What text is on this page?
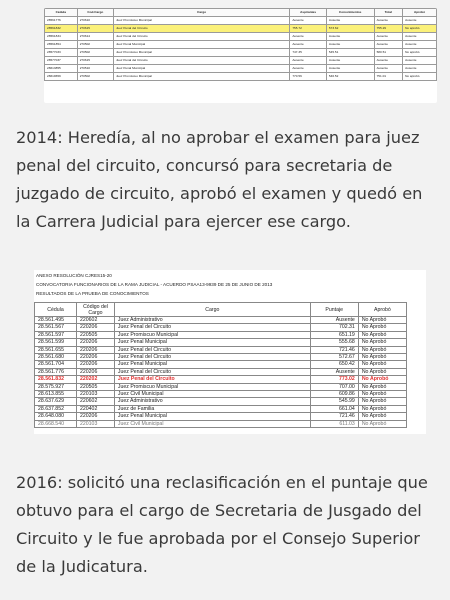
Cédula	Cod.Cargo	Cargo	Aspirantes	Conocimientos	Total	Aprobó
28561776	270610	Juez Promiscuo Municipal	Ausente	Ausente	Ausente	Ausente
28561832	270615	Juez Penal del Circuito	755.72	573.62	755.29	No aprobó
28561834	270614	Juez Penal del Circuito	Ausente	Ausente	Ausente	Ausente
28561854	270502	Juez Penal Municipal	Ausente	Ausente	Ausente	Ausente
28577033	270502	Juez Promiscuo Municipal	747.35	545.51	580.51	No aprobó
28577037	270615	Juez Penal del Circuito	Ausente	Ausente	Ausente	Ausente
28613855	270510	Juez Penal Municipal	Ausente	Ausente	Ausente	Ausente
28619659	270502	Juez Promiscuo Municipal	770.56	546.52	751.01	No aprobó

2014: Heredía, al no aprobar el examen para juez penal del circuito, concursó para secretaria de juzgado de circuito, aprobó el examen y quedó en la Carrera Judicial para ejercer ese cargo.

ANEXO RESOLUCIÓN CJRES15-20
CONVOCATORIA FUNCIONARIOS DE LA RAMA JUDICIAL - ACUERDO PSAA13-9939 DE 25 DE JUNIO DE 2013
RESULTADOS DE LA PRUEBA DE CONOCIMIENTOS
Cédula	Código del Cargo	Cargo	Puntaje	Aprobó
28.561.495	220602	Juez Administrativo	Ausente	No Aprobó
28.561.567	220206	Juez Penal del Circuito	702.31	No Aprobó
28.561.597	220505	Juez Promiscuo Municipal	651.19	No Aprobó
28.561.599	220206	Juez Penal Municipal	555.68	No Aprobó
28.561.655	220206	Juez Penal del Circuito	721.46	No Aprobó
28.561.680	220206	Juez Penal del Circuito	572.67	No Aprobó
28.561.704	220206	Juez Penal Municipal	650.42	No Aprobó
28.561.776	220206	Juez Penal del Circuito	Ausente	No Aprobó
28.561.832	220202	Juez Penal del Circuito	773.02	No Aprobó
28.575.927	220505	Juez Promiscuo Municipal	707.00	No Aprobó
28.613.855	220103	Juez Civil Municipal	609.86	No Aprobó
28.637.629	220602	Juez Administrativo	545.99	No Aprobó
28.637.852	220402	Juez de Familia	661.04	No Aprobó
28.648.080	220206	Juez Penal Municipal	721.46	No Aprobó
28.668.540	220103	Juez Civil Municipal	611.03	No Aprobó

2016: solicitó una reclasificación en el puntaje que obtuvo para el cargo de Secretaria de Jusgado del Circuito y le fue aprobada por el Consejo Superior de la Judicatura.
